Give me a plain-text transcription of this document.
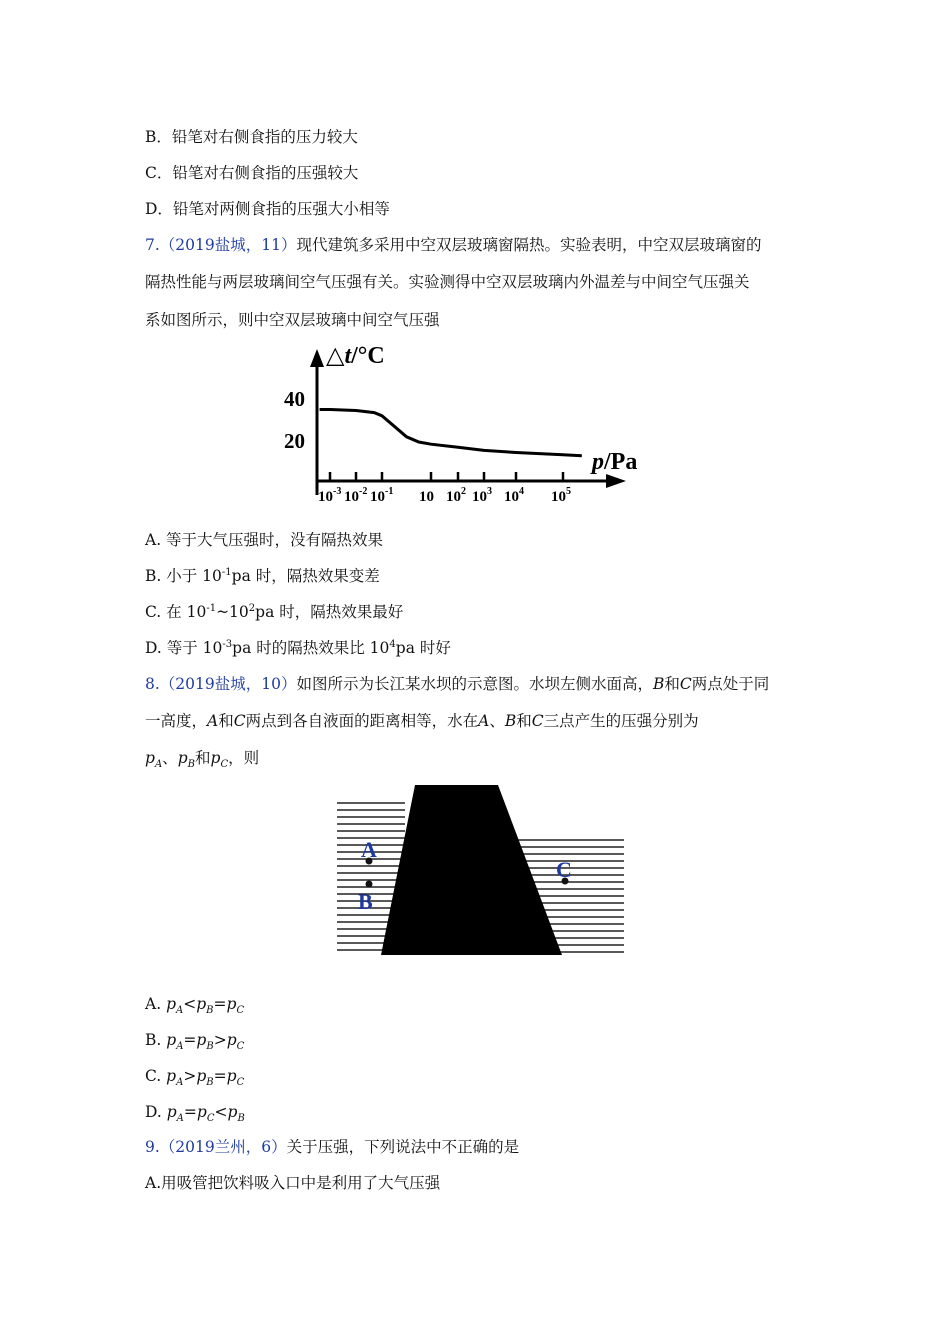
B．铅笔对右侧食指的压力较大
C．铅笔对右侧食指的压强较大
D．铅笔对两侧食指的压强大小相等
7.（2019盐城，11）现代建筑多采用中空双层玻璃窗隔热。实验表明，中空双层玻璃窗的
隔热性能与两层玻璃间空气压强有关。实验测得中空双层玻璃内外温差与中间空气压强关
系如图所示，则中空双层玻璃中间空气压强
△t/°C
p/Pa
40
20
$10^{-3}$ $10^{-2}$ $10^{-1}$ 10 $10^2$ $10^3$ $10^4$ $10^5$
A. 等于大气压强时，没有隔热效果
B. 小于 $10^{-1}pa$ 时，隔热效果变差
C. 在 $10^{-1}\sim 10^2pa$ 时，隔热效果最好
D. 等于 $10^{-3}pa$ 时的隔热效果比 $10^4pa$ 时好
8.（2019盐城，10）如图所示为长江某水坝的示意图。水坝左侧水面高，B和C两点处于同
一高度，A和C两点到各自液面的距离相等，水在A、B和C三点产生的压强分别为
$p_A$、$p_B$和$p_C$，则
A
B
C
A. $p_A<p_B=p_C$
B. $p_A=p_B>p_C$
C. $p_A>p_B=p_C$
D. $p_A=p_C<p_B$
9.（2019兰州，6）关于压强，下列说法中不正确的是
A.用吸管把饮料吸入口中是利用了大气压强
